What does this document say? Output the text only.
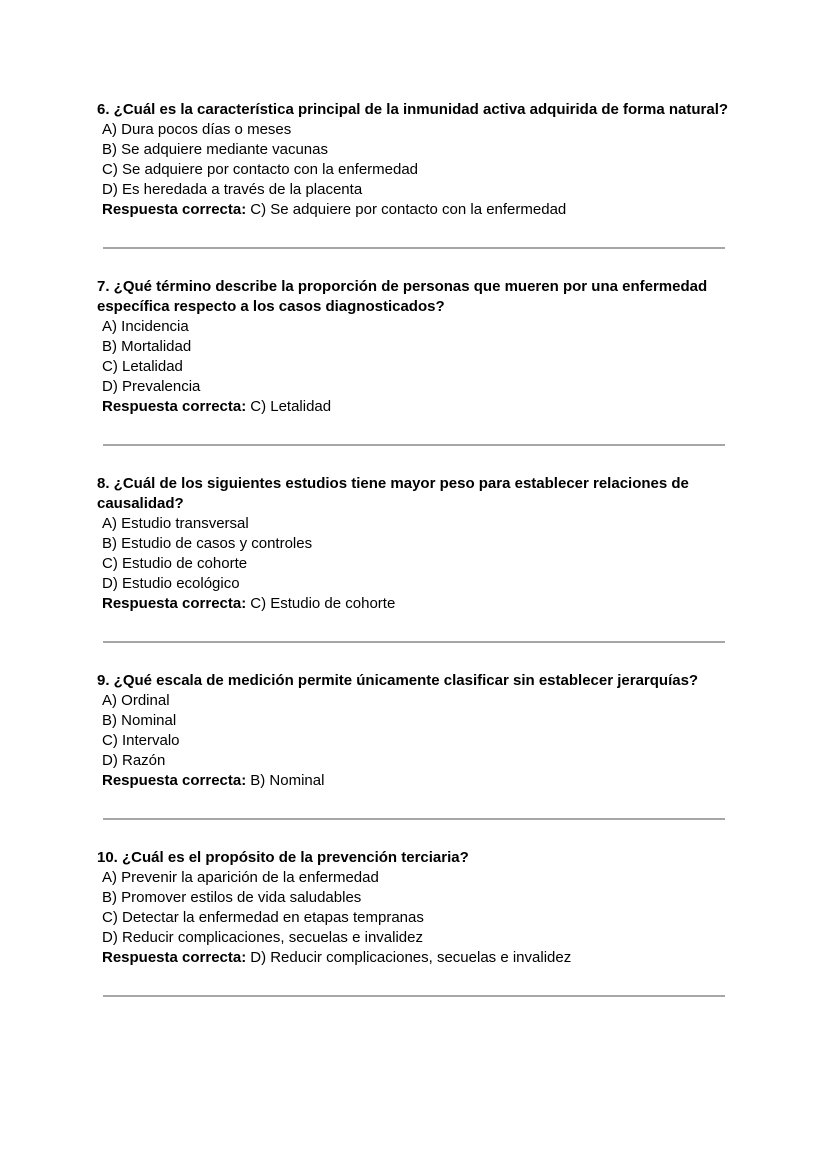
6. ¿Cuál es la característica principal de la inmunidad activa adquirida de forma natural?
A) Dura pocos días o meses
B) Se adquiere mediante vacunas
C) Se adquiere por contacto con la enfermedad
D) Es heredada a través de la placenta
Respuesta correcta: C) Se adquiere por contacto con la enfermedad
7. ¿Qué término describe la proporción de personas que mueren por una enfermedad específica respecto a los casos diagnosticados?
A) Incidencia
B) Mortalidad
C) Letalidad
D) Prevalencia
Respuesta correcta: C) Letalidad
8. ¿Cuál de los siguientes estudios tiene mayor peso para establecer relaciones de causalidad?
A) Estudio transversal
B) Estudio de casos y controles
C) Estudio de cohorte
D) Estudio ecológico
Respuesta correcta: C) Estudio de cohorte
9. ¿Qué escala de medición permite únicamente clasificar sin establecer jerarquías?
A) Ordinal
B) Nominal
C) Intervalo
D) Razón
Respuesta correcta: B) Nominal
10. ¿Cuál es el propósito de la prevención terciaria?
A) Prevenir la aparición de la enfermedad
B) Promover estilos de vida saludables
C) Detectar la enfermedad en etapas tempranas
D) Reducir complicaciones, secuelas e invalidez
Respuesta correcta: D) Reducir complicaciones, secuelas e invalidez
